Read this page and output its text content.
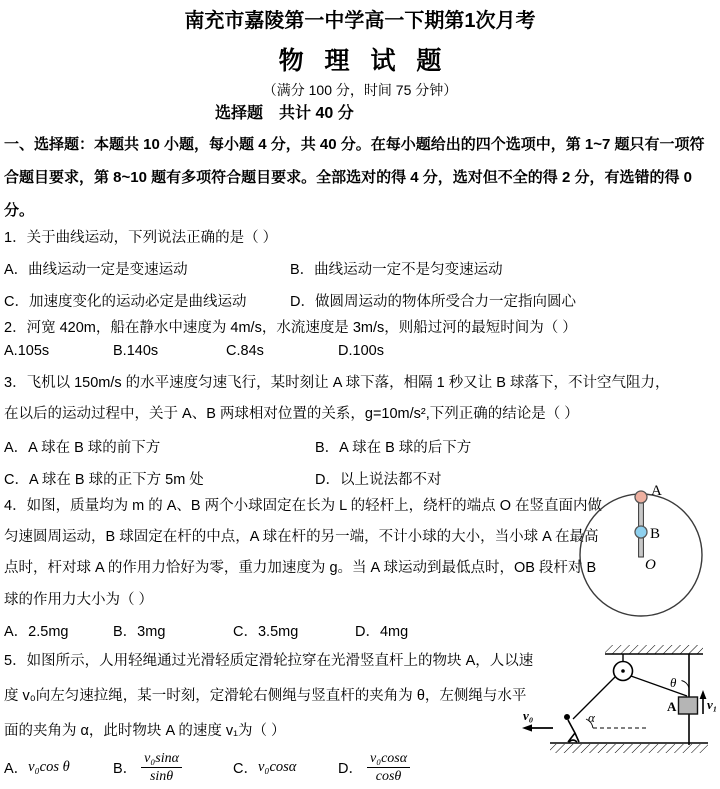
南充市嘉陵第一中学高一下期第1次月考
物 理 试 题
（满分 100 分，时间 75 分钟）
选择题　共计 40 分
一、选择题：本题共 10 小题，每小题 4 分，共 40 分。在每小题给出的四个选项中，第 1~7 题只有一项符
合题目要求，第 8~10 题有多项符合题目要求。全部选对的得 4 分，选对但不全的得 2 分，有选错的得 0
分。
1．关于曲线运动，下列说法正确的是（ ）
A．曲线运动一定是变速运动	B．曲线运动一定不是匀变速运动
C．加速度变化的运动必定是曲线运动	D．做圆周运动的物体所受合力一定指向圆心
2．河宽 420m，船在静水中速度为 4m/s，水流速度是 3m/s，则船过河的最短时间为（ ）
A.105s	B.140s	C.84s	D.100s
3．飞机以 150m/s 的水平速度匀速飞行，某时刻让 A 球下落，相隔 1 秒又让 B 球落下，不计空气阻力，
在以后的运动过程中，关于 A、B 两球相对位置的关系，g=10m/s²,下列正确的结论是（ ）
A．A 球在 B 球的前下方	B．A 球在 B 球的后下方
C．A 球在 B 球的正下方 5m 处	D．以上说法都不对
4．如图，质量均为 m 的 A、B 两个小球固定在长为 L 的轻杆上，绕杆的端点 O 在竖直面内做
匀速圆周运动，B 球固定在杆的中点，A 球在杆的另一端，不计小球的大小，当小球 A 在最高
点时，杆对球 A 的作用力恰好为零，重力加速度为 g。当 A 球运动到最低点时，OB 段杆对 B
球的作用力大小为（ ）
A．2.5mg	B．3mg	C．3.5mg	D．4mg
A
B
O
5．如图所示，人用轻绳通过光滑轻质定滑轮拉穿在光滑竖直杆上的物块 A，人以速
度 v₀向左匀速拉绳，某一时刻，定滑轮右侧绳与竖直杆的夹角为 θ，左侧绳与水平
面的夹角为 α，此时物块 A 的速度 v₁为（ ）
A． v₀cos θ	B． $\frac{\text{v₀sinα}}{\sin\theta}$	C． v₀cosα	D． $\frac{\text{v₀cosα}}{\cos\theta}$
θ
A v₁
α
v₀
